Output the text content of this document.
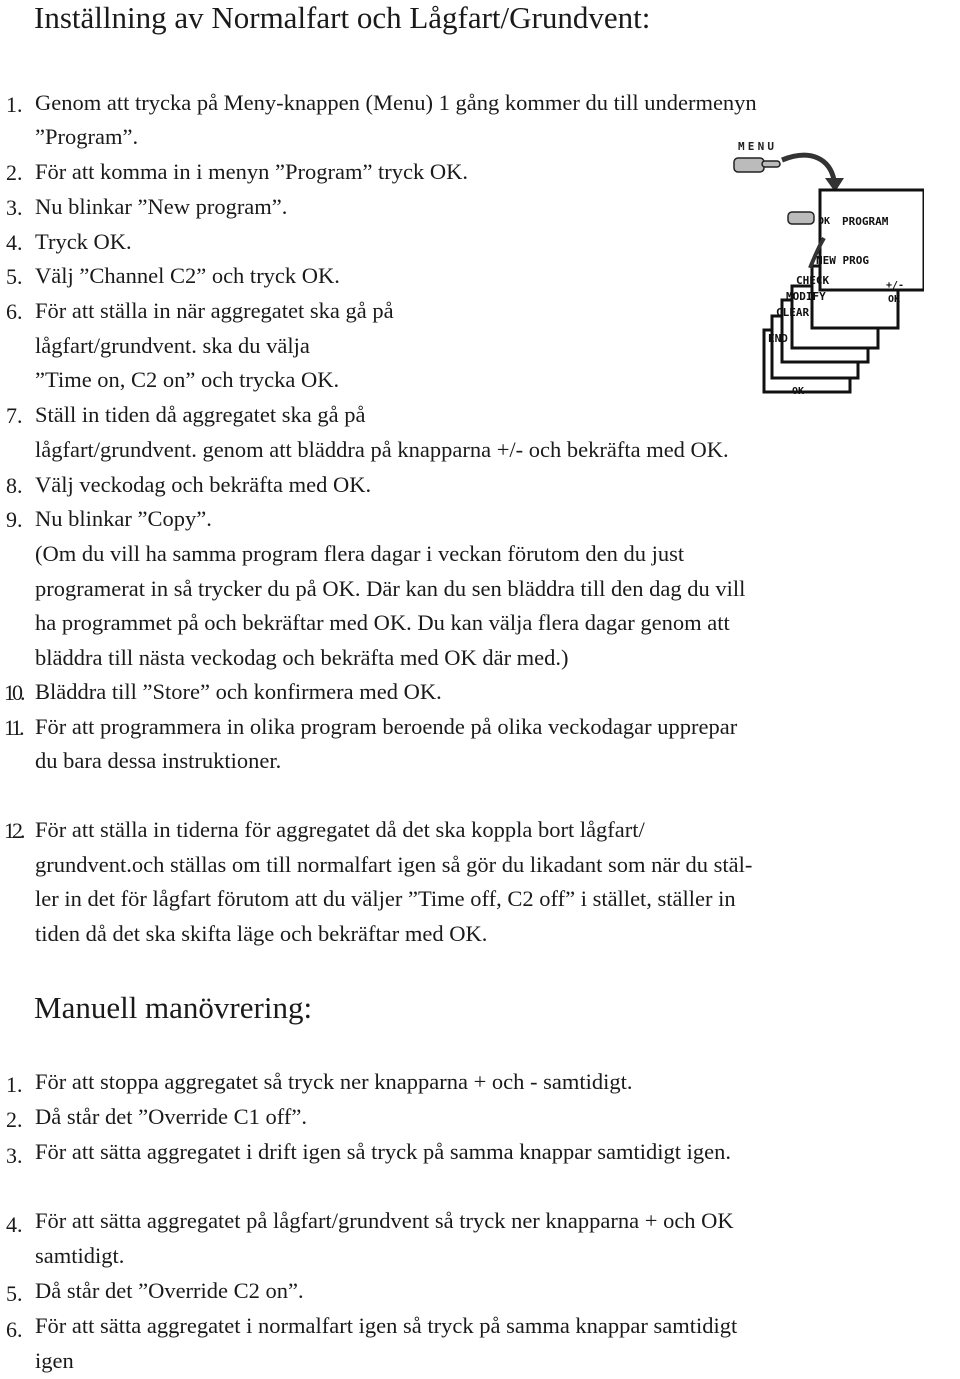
Inställning av Normalfart och Lågfart/Grundvent:
1. Genom att trycka på Meny-knappen (Menu) 1 gång kommer du till undermenyn

”Program”.

2. För att komma in i menyn ”Program” tryck OK.

3. Nu blinkar ”New program”.

4. Tryck OK.

5. Välj ”Channel C2” och tryck OK.

6. För att ställa in när aggregatet ska gå på

lågfart/grundvent. ska du välja

”Time on, C2 on” och trycka OK.

7. Ställ in tiden då aggregatet ska gå på

lågfart/grundvent. genom att bläddra på knapparna +/- och bekräfta med OK.

8. Välj veckodag och bekräfta med OK.

9. Nu blinkar ”Copy”.

(Om du vill ha samma program flera dagar i veckan förutom den du just

programerat in så trycker du på OK. Där kan du sen bläddra till den dag du vill

ha programmet på och bekräftar med OK. Du kan välja flera dagar genom att

bläddra till nästa veckodag och bekräfta med OK där med.)

10. Bläddra till ”Store” och konfirmera med OK.

11. För att programmera in olika program beroende på olika veckodagar upprepar

du bara dessa instruktioner.

12. För att ställa in tiderna för aggregatet då det ska koppla bort lågfart/

grundvent.och ställas om till normalfart igen så gör du likadant som när du stäl-

ler in det för lågfart förutom att du väljer ”Time off, C2 off” i stället, ställer in

tiden då det ska skifta läge och bekräftar med OK.

Manuell manövrering:
1. För att stoppa aggregatet så tryck ner knapparna + och - samtidigt.

2. Då står det ”Override C1 off”.

3. För att sätta aggregatet i drift igen så tryck på samma knappar samtidigt igen.

4. För att sätta aggregatet på lågfart/grundvent så tryck ner knapparna + och OK

samtidigt.

5. Då står det ”Override C2 on”.

6. För att sätta aggregatet i normalfart igen så tryck på samma knappar samtidigt

igen

MENU
OK PROGRAM
NEW PROG
CHECK
MODIFY
CLEAR
END
+/-
OK
OK
